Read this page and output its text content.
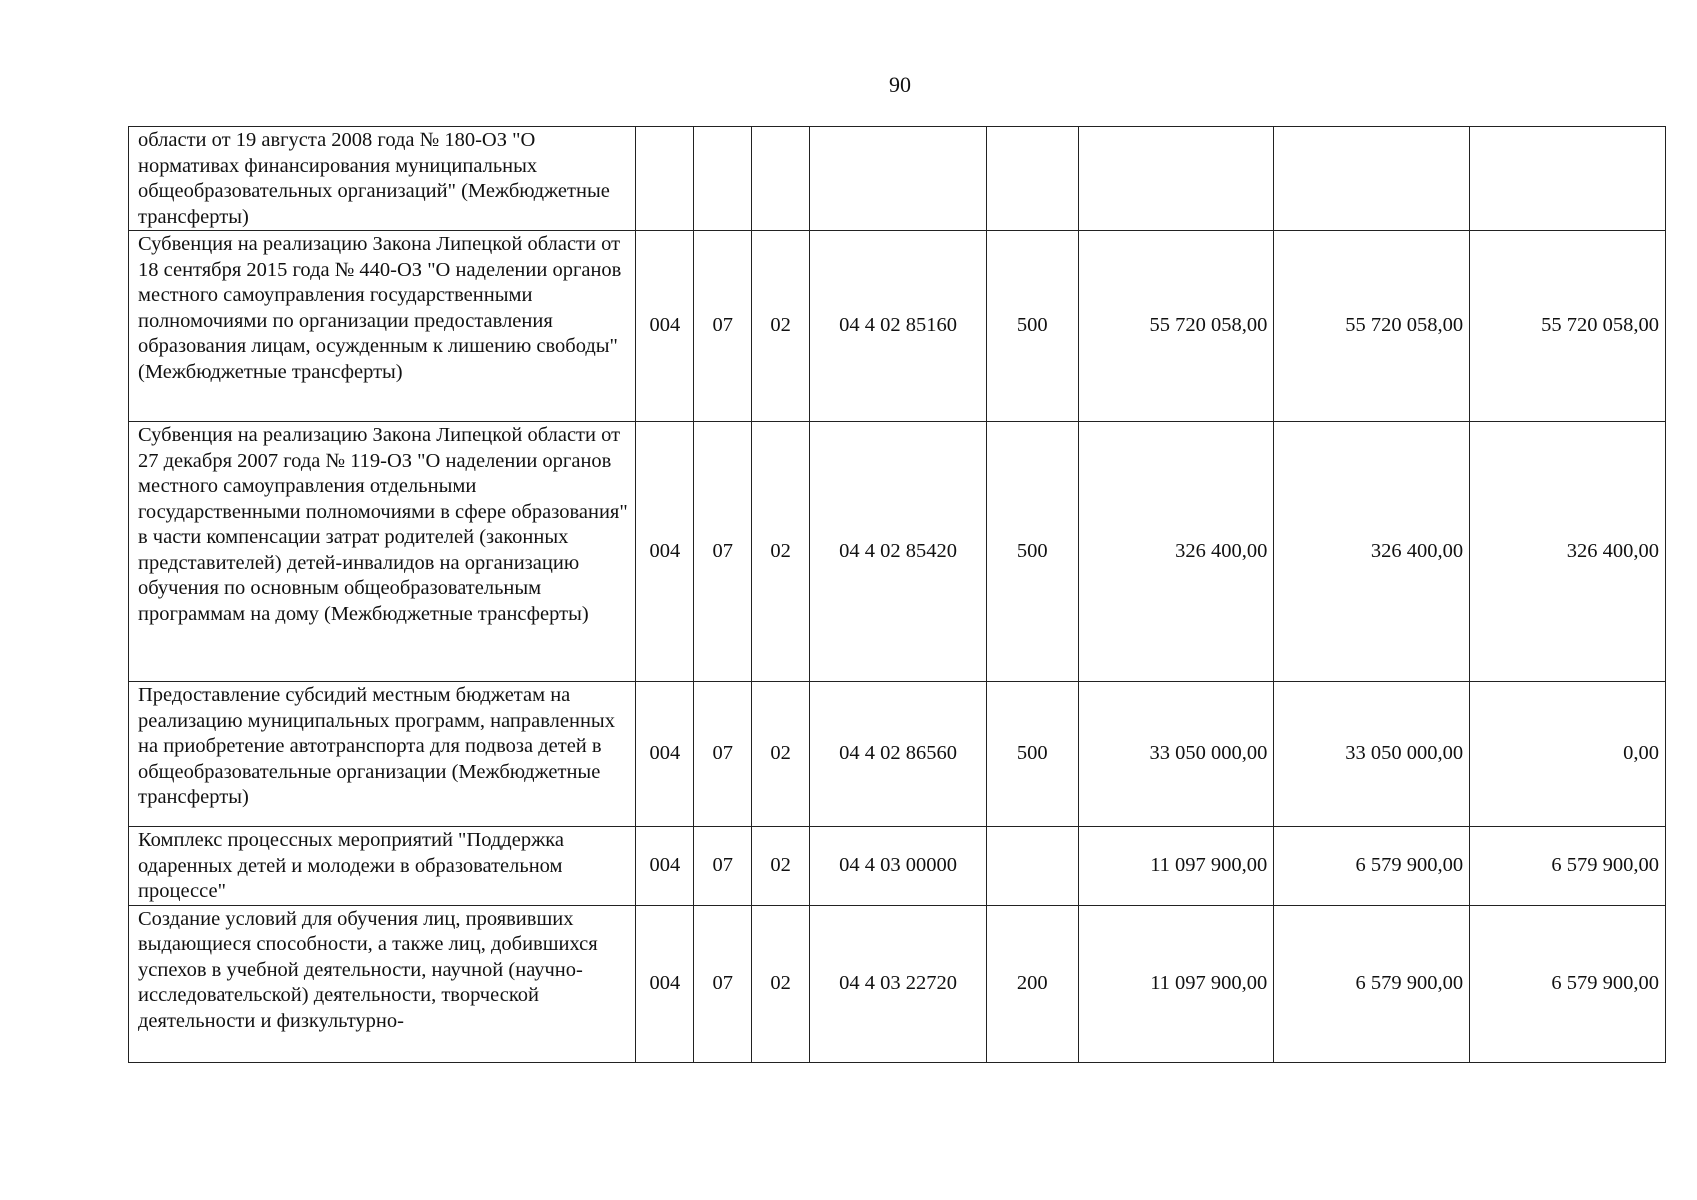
90
области от 19 августа 2008 года № 180-ОЗ "О нормативах финансирования муниципальных общеобразовательных организаций" (Межбюджетные трансферты)								
Субвенция на реализацию Закона Липецкой области от 18 сентября 2015 года № 440-ОЗ "О наделении органов местного самоуправления государственными полномочиями по организации предоставления образования лицам, осужденным к лишению свободы" (Межбюджетные трансферты)	004	07	02	04 4 02 85160	500	55 720 058,00	55 720 058,00	55 720 058,00
Субвенция на реализацию Закона Липецкой области от 27 декабря 2007 года № 119-ОЗ "О наделении органов местного самоуправления отдельными государственными полномочиями в сфере образования" в части компенсации затрат родителей (законных представителей) детей-инвалидов на организацию обучения по основным общеобразовательным программам на дому (Межбюджетные трансферты)	004	07	02	04 4 02 85420	500	326 400,00	326 400,00	326 400,00
Предоставление субсидий местным бюджетам на реализацию муниципальных программ, направленных на приобретение автотранспорта для подвоза детей в общеобразовательные организации (Межбюджетные трансферты)	004	07	02	04 4 02 86560	500	33 050 000,00	33 050 000,00	0,00
Комплекс процессных мероприятий "Поддержка одаренных детей и молодежи в образовательном процессе"	004	07	02	04 4 03 00000		11 097 900,00	6 579 900,00	6 579 900,00
Создание условий для обучения лиц, проявивших выдающиеся способности, а также лиц, добившихся успехов в учебной деятельности, научной (научно-исследовательской) деятельности, творческой деятельности и физкультурно-	004	07	02	04 4 03 22720	200	11 097 900,00	6 579 900,00	6 579 900,00
